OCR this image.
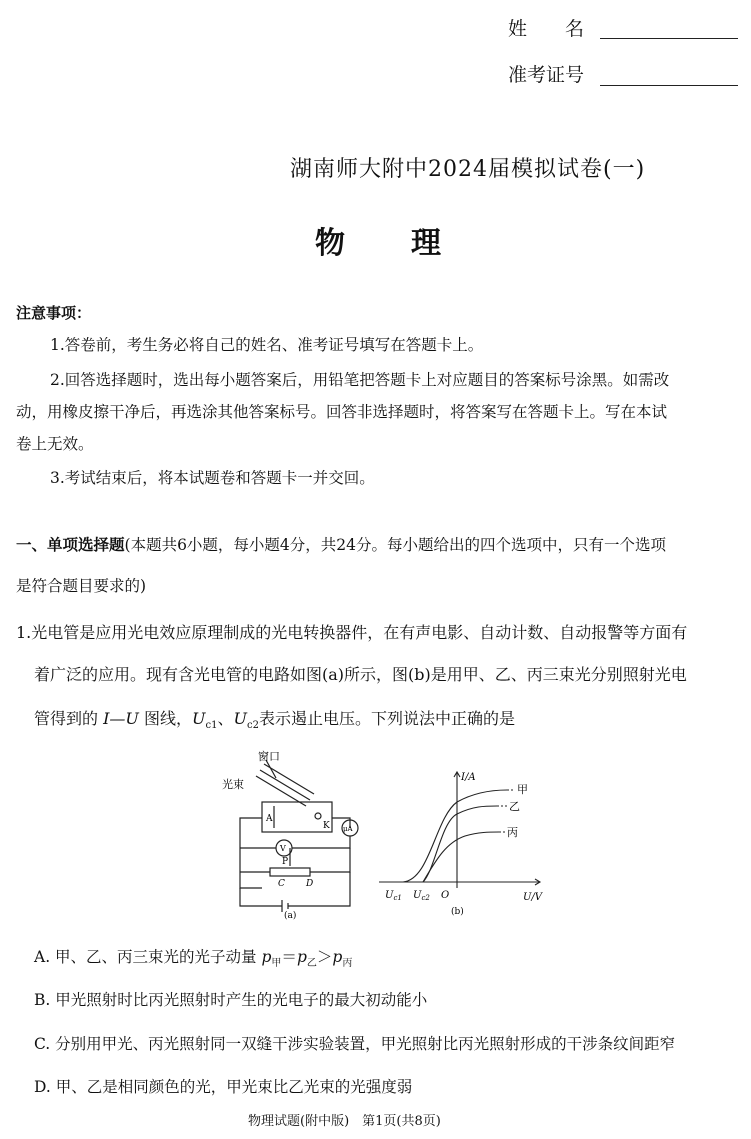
姓　　名
准考证号
湖南师大附中2024届模拟试卷(一)
物　　理
注意事项：
1.答卷前，考生务必将自己的姓名、准考证号填写在答题卡上。
2.回答选择题时，选出每小题答案后，用铅笔把答题卡上对应题目的答案标号涂黑。如需改
动，用橡皮擦干净后，再选涂其他答案标号。回答非选择题时，将答案写在答题卡上。写在本试
卷上无效。
3.考试结束后，将本试题卷和答题卡一并交回。
一、单项选择题(本题共6小题，每小题4分，共24分。每小题给出的四个选项中，只有一个选项
是符合题目要求的)
1.光电管是应用光电效应原理制成的光电转换器件，在有声电影、自动计数、自动报警等方面有
着广泛的应用。现有含光电管的电路如图(a)所示，图(b)是用甲、乙、丙三束光分别照射光电
管得到的 I—U 图线，$U_{c1}$、$U_{c2}$表示遏止电压。下列说法中正确的是
窗口
光束
A
K μA
V
P
C D
(a)
I/A
U/V
甲
乙
丙
$U_{c1}$ $U_{c2}$ O
(b)
A. 甲、乙、丙三束光的光子动量 $p_甲=p_乙>p_丙$
B. 甲光照射时比丙光照射时产生的光电子的最大初动能小
C. 分别用甲光、丙光照射同一双缝干涉实验装置，甲光照射比丙光照射形成的干涉条纹间距窄
D. 甲、乙是相同颜色的光，甲光束比乙光束的光强度弱
物理试题(附中版)　第1页(共8页)
